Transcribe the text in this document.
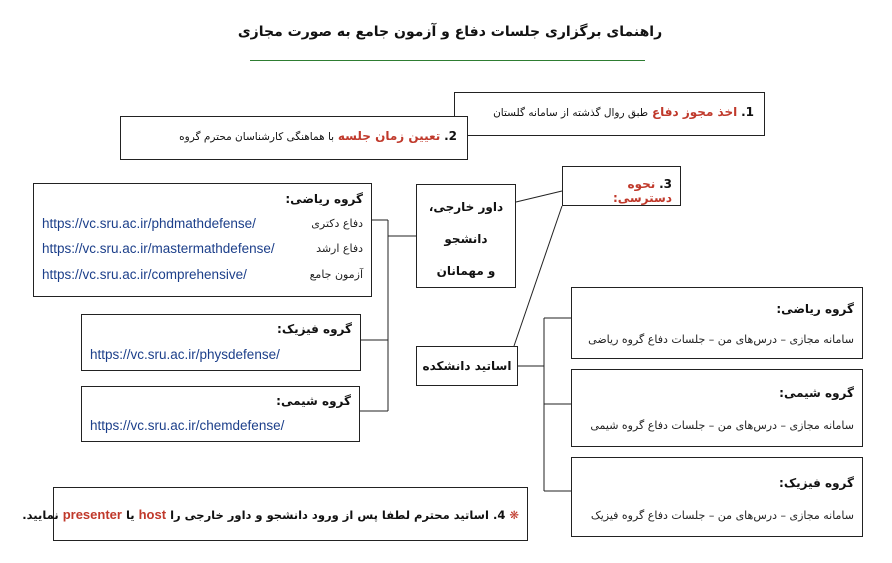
راهنمای برگزاری جلسات دفاع و آزمون جامع به صورت مجازی
1. اخذ مجوز دفاع طبق روال گذشته از سامانه گلستان
2. تعیین زمان جلسه با هماهنگی کارشناسان محترم گروه
3. نحوه دسترسی:
داور خارجی،
دانشجو
و مهمانان
اساتید دانشکده
گروه ریاضی:
https://vc.sru.ac.ir/phdmathdefense/	دفاع دکتری
https://vc.sru.ac.ir/mastermathdefense/	دفاع ارشد
https://vc.sru.ac.ir/comprehensive/	آزمون جامع
گروه فیزیک:
https://vc.sru.ac.ir/physdefense/
گروه شیمی:
https://vc.sru.ac.ir/chemdefense/
گروه ریاضی:
سامانه مجازی – درس‌های من – جلسات دفاع گروه ریاضی
گروه شیمی:
سامانه مجازی – درس‌های من – جلسات دفاع گروه شیمی
گروه فیزیک:
سامانه مجازی – درس‌های من – جلسات دفاع گروه فیزیک
❋ 4. اساتید محترم لطفا پس از ورود دانشجو و داور خارجی را host یا presenter نمایید.
